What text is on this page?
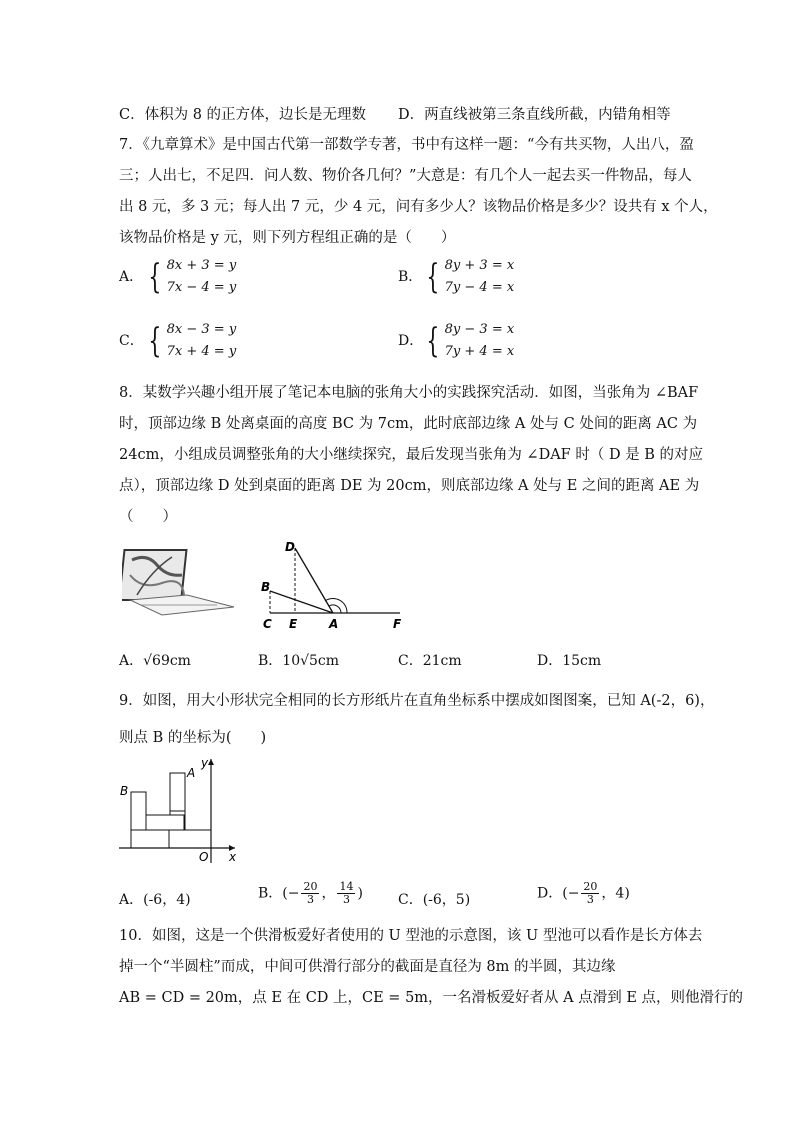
C．体积为 8 的正方体，边长是无理数
7．《九章算术》是中国古代第一部数学专著，书中有这样一题：“今有共买物，人出八，盈
三；人出七，不足四．问人数、物价各几何？”大意是：有几个人一起去买一件物品，每人
出 8 元，多 3 元；每人出 7 元，少 4 元，问有多少人？该物品价格是多少？设共有 x 个人，
该物品价格是 y 元，则下列方程组正确的是（　　）
8．某数学兴趣小组开展了笔记本电脑的张角大小的实践探究活动．如图，当张角为 ∠BAF
时，顶部边缘 B 处离桌面的高度 BC 为 7cm，此时底部边缘 A 处与 C 处间的距离 AC 为
24cm，小组成员调整张角的大小继续探究，最后发现当张角为 ∠DAF 时（ D 是 B 的对应
点），顶部边缘 D 处到桌面的距离 DE 为 20cm，则底部边缘 A 处与 E 之间的距离 AE 为
（　　）
9．如图，用大小形状完全相同的长方形纸片在直角坐标系中摆成如图图案，已知 A(-2，6)，
则点 B 的坐标为(　　)
10．如图，这是一个供滑板爱好者使用的 U 型池的示意图，该 U 型池可以看作是长方体去
掉一个“半圆柱”而成，中间可供滑行部分的截面是直径为 8m 的半圆，其边缘
AB = CD = 20m，点 E 在 CD 上，CE = 5m，一名滑板爱好者从 A 点滑到 E 点，则他滑行的
D．两直线被第三条直线所截，内错角相等
A． { 8x + 3 = y
7x − 4 = y
B． { 8y + 3 = x
7y − 4 = x
C． { 8x − 3 = y
7x + 4 = y
D． { 8y − 3 = x
7y + 4 = x
D
B
C E	A	F
A．√69cm	B．10√5cm	C．21cm	D．15cm
B
A
y
x
O
A．(-6，4)	B．(− $\frac{20}{3}$ ， $\frac{14}{3}$ )	C．(-6，5)	D．(− $\frac{20}{3}$ ，4)
